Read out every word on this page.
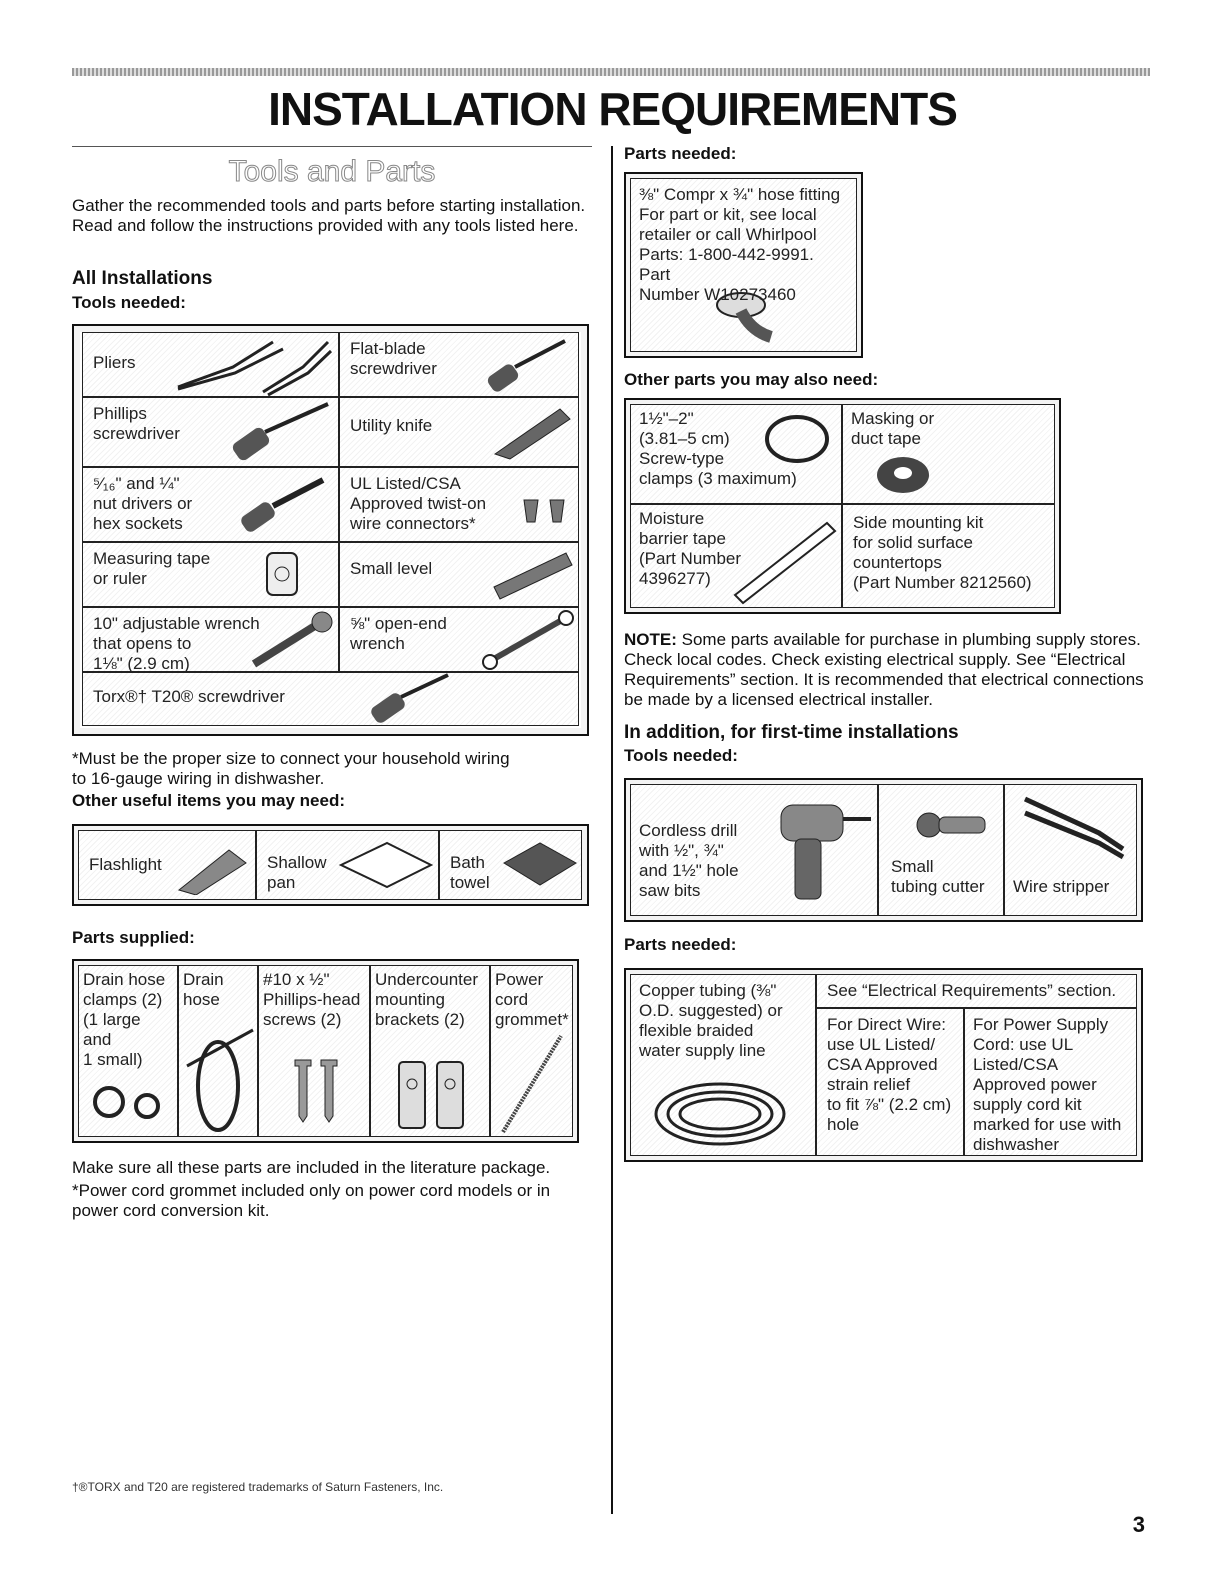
INSTALLATION REQUIREMENTS
Tools and Parts
Gather the recommended tools and parts before starting installation. Read and follow the instructions provided with any tools listed here.
All Installations
Tools needed:
Pliers
Flat-blade
screwdriver
Phillips
screwdriver	Utility knife
⁵⁄₁₆" and ¼"
nut drivers or
hex sockets
UL Listed/CSA
Approved twist-on
wire connectors*
Measuring tape
or ruler
Small level
10" adjustable wrench
that opens to
1⅛" (2.9 cm)
⅝" open-end
wrench
Torx®† T20® screwdriver
*Must be the proper size to connect your household wiring
to 16-gauge wiring in dishwasher.
Other useful items you may need:
Flashlight	Shallow
pan
Bath
towel
Parts supplied:
Drain hose
clamps (2)
(1 large and
1 small)
Drain
hose
#10 x ½"
Phillips-head
screws (2)
Undercounter
mounting
brackets (2)
Power
cord
grommet*
Make sure all these parts are included in the literature package.
*Power cord grommet included only on power cord models or in
power cord conversion kit.
†®TORX and T20 are registered trademarks of Saturn Fasteners, Inc.
Parts needed:
⅜" Compr x ¾" hose fitting
For part or kit, see local
retailer or call Whirlpool
Parts: 1-800-442-9991. Part
Number W10273460
Other parts you may also need:
1½"–2"
(3.81–5 cm)
Screw-type
clamps (3 maximum)
Masking or
duct tape
Moisture
barrier tape
(Part Number
4396277)
Side mounting kit
for solid surface
countertops
(Part Number 8212560)
NOTE: Some parts available for purchase in plumbing supply stores. Check local codes. Check existing electrical supply. See “Electrical Requirements” section. It is recommended that electrical connections be made by a licensed electrical installer.
In addition, for first-time installations
Tools needed:
Cordless drill
with ½", ¾"
and 1½" hole
saw bits
Small
tubing cutter	Wire stripper
Parts needed:
Copper tubing (⅜"
O.D. suggested) or
flexible braided
water supply line
See “Electrical Requirements” section.
For Direct Wire:
use UL Listed/
CSA Approved
strain relief
to fit ⅞" (2.2 cm)
hole
For Power Supply
Cord: use UL
Listed/CSA
Approved power
supply cord kit
marked for use with
dishwasher
3
